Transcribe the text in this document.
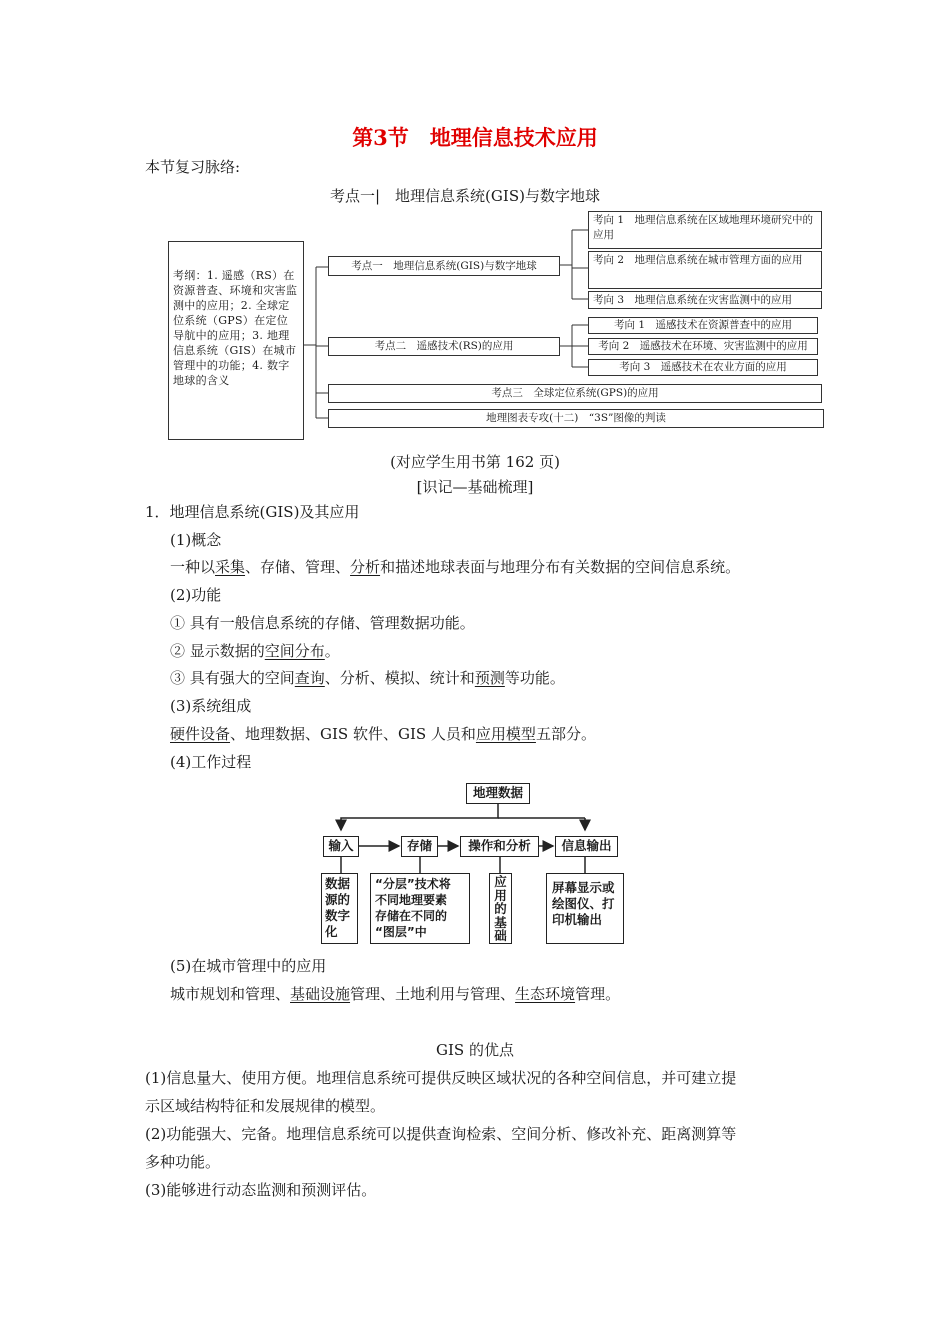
第3节　地理信息技术应用
本节复习脉络:
考点一|　地理信息系统(GIS)与数字地球
考纲：1. 遥感（RS）在资源普查、环境和灾害监测中的应用；2. 全球定位系统（GPS）在定位导航中的应用；3. 地理信息系统（GIS）在城市管理中的功能；4. 数字地球的含义
考点一　地理信息系统(GIS)与数字地球
考向 1　地理信息系统在区域地理环境研究中的应用
考向 2　地理信息系统在城市管理方面的应用
考向 3　地理信息系统在灾害监测中的应用
考点二　遥感技术(RS)的应用
考向 1　遥感技术在资源普查中的应用
考向 2　遥感技术在环境、灾害监测中的应用
考向 3　遥感技术在农业方面的应用
考点三　全球定位系统(GPS)的应用
地理图表专攻(十二)　“3S”图像的判读
(对应学生用书第 162 页)
[识记—基础梳理]
1．地理信息系统(GIS)及其应用
(1)概念
一种以采集、存储、管理、分析和描述地球表面与地理分布有关数据的空间信息系统。
(2)功能
① 具有一般信息系统的存储、管理数据功能。
② 显示数据的空间分布。
③ 具有强大的空间查询、分析、模拟、统计和预测等功能。
(3)系统组成
硬件设备、地理数据、GIS 软件、GIS 人员和应用模型五部分。
(4)工作过程
地理数据
输入	存储	操作和分析	信息输出
数据
源的
数字
化
“分层”技术将
不同地理要素
存储在不同的
“图层”中
应
用
的
基
础
屏幕显示或
绘图仪、打
印机输出
(5)在城市管理中的应用
城市规划和管理、基础设施管理、土地利用与管理、生态环境管理。
GIS 的优点
(1)信息量大、使用方便。地理信息系统可提供反映区域状况的各种空间信息，并可建立提
示区域结构特征和发展规律的模型。
(2)功能强大、完备。地理信息系统可以提供查询检索、空间分析、修改补充、距离测算等
多种功能。
(3)能够进行动态监测和预测评估。
